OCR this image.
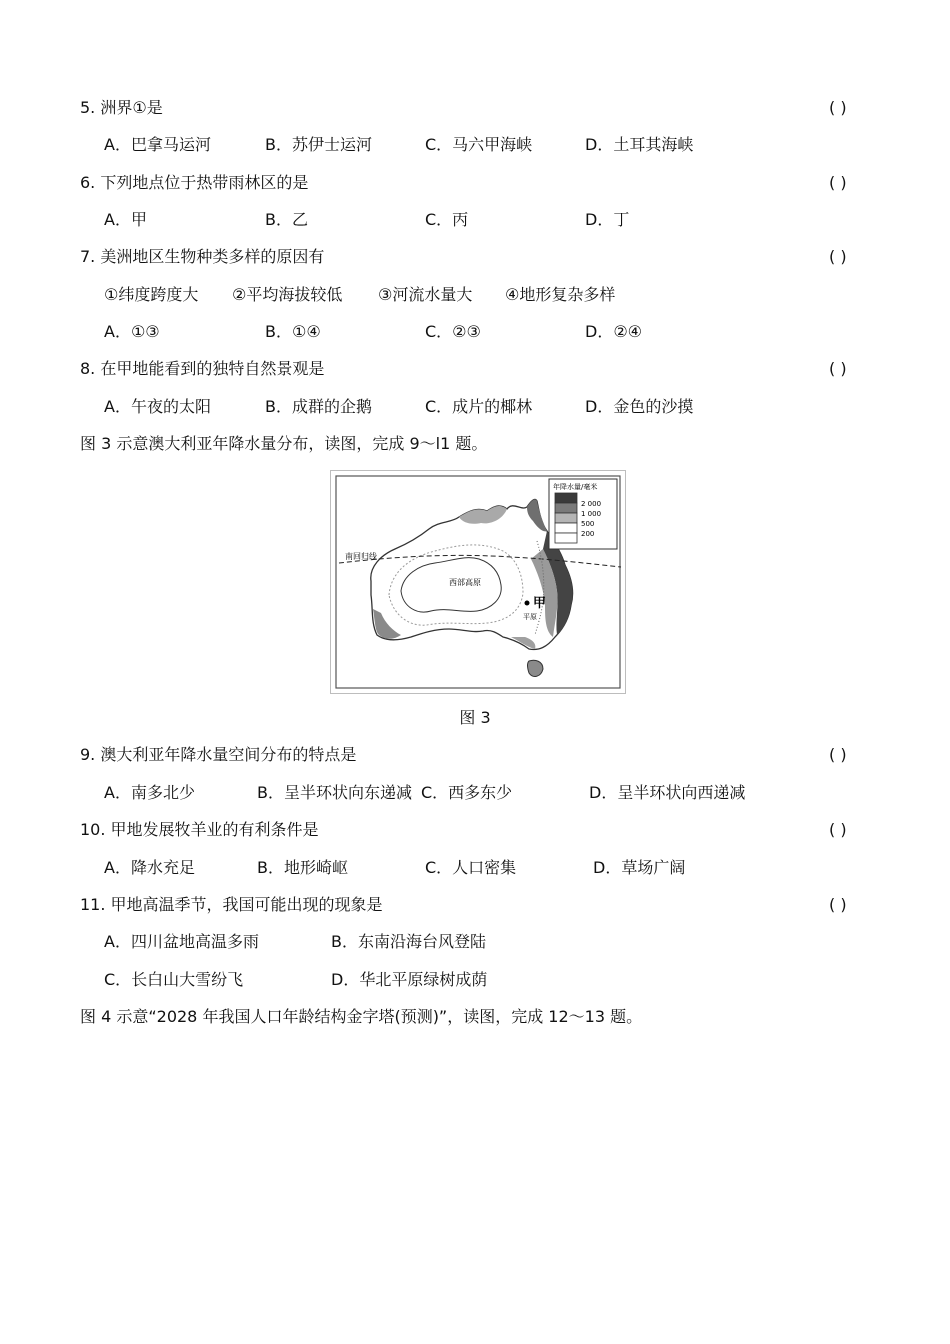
5. 洲界①是	( )
A．巴拿马运河	B．苏伊士运河	C．马六甲海峡	D．土耳其海峡
6. 下列地点位于热带雨林区的是	( )
A．甲	B．乙	C．丙	D．丁
7. 美洲地区生物种类多样的原因有	( )
①纬度跨度大 ②平均海拔较低 ③河流水量大 ④地形复杂多样
A．①③	B．①④	C．②③	D．②④
8. 在甲地能看到的独特自然景观是	( )
A．午夜的太阳	B．成群的企鹅	C．成片的椰林	D．金色的沙摸
图 3 示意澳大利亚年降水量分布，读图，完成 9～l1 题。
甲
南回归线
西部高原
平原
年降水量/毫米
2 000
1 000
500
200
图 3
9. 澳大利亚年降水量空间分布的特点是	( )
A．南多北少	B．呈半环状向东递减 C．西多东少	D．呈半环状向西递减
10. 甲地发展牧羊业的有利条件是	( )
A．降水充足	B．地形崎岖	C．人口密集	D．草场广阔
11. 甲地高温季节，我国可能出现的现象是	( )
A．四川盆地高温多雨	B．东南沿海台风登陆
C．长白山大雪纷飞	D．华北平原绿树成荫
图 4 示意“2028 年我国人口年龄结构金字塔(预测)”，读图，完成 12～13 题。
